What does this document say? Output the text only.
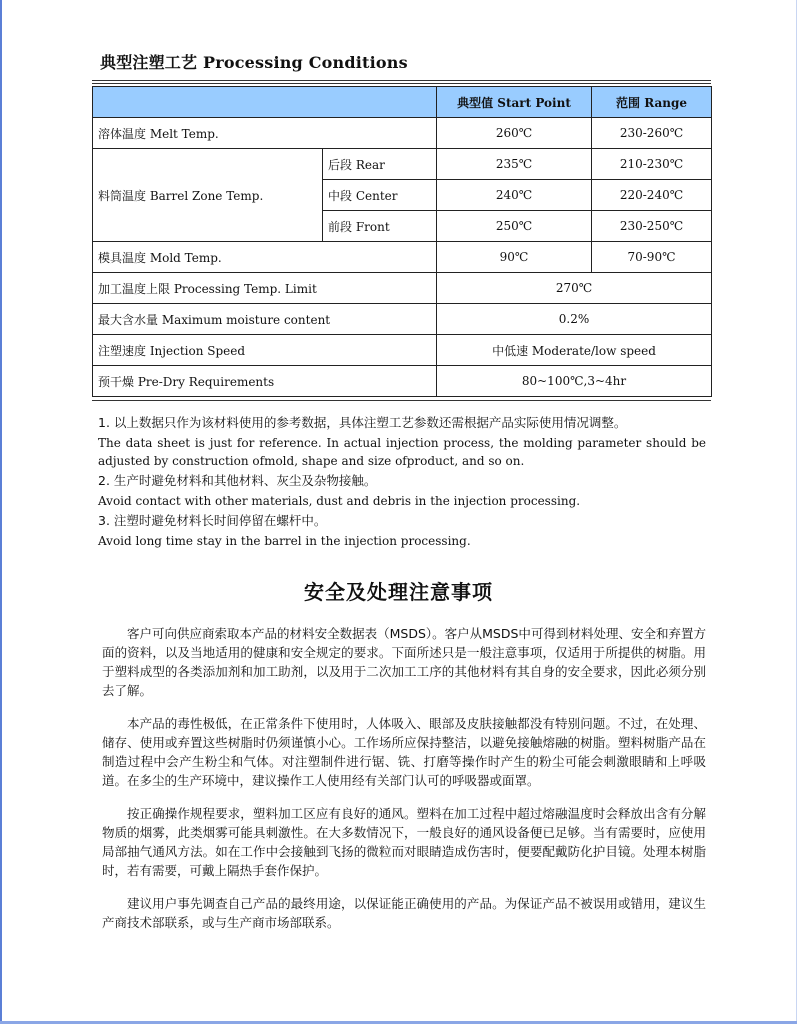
典型注塑工艺 Processing Conditions
		典型值 Start Point	范围 Range
溶体温度 Melt Temp.		260℃	230-260℃
料筒温度 Barrel Zone Temp.	后段 Rear	235℃	210-230℃
	中段 Center	240℃	220-240℃
	前段 Front	250℃	230-250℃
模具温度 Mold Temp.		90℃	70-90℃
加工温度上限 Processing Temp. Limit		270℃	
最大含水量 Maximum moisture content		0.2%	
注塑速度 Injection Speed		中低速 Moderate/low speed	
预干燥 Pre-Dry Requirements		80~100℃,3~4hr	

1. 以上数据只作为该材料使用的参考数据，具体注塑工艺参数还需根据产品实际使用情况调整。

The data sheet is just for reference. In actual injection process, the molding parameter should be adjusted by construction ofmold, shape and size ofproduct, and so on.

2. 生产时避免材料和其他材料、灰尘及杂物接触。

Avoid contact with other materials, dust and debris in the injection processing.

3. 注塑时避免材料长时间停留在螺杆中。

Avoid long time stay in the barrel in the injection processing.

安全及处理注意事项

客户可向供应商索取本产品的材料安全数据表（MSDS）。客户从MSDS中可得到材料处理、安全和弃置方面的资料，以及当地适用的健康和安全规定的要求。下面所述只是一般注意事项，仅适用于所提供的树脂。用于塑料成型的各类添加剂和加工助剂，以及用于二次加工工序的其他材料有其自身的安全要求，因此必须分别去了解。

本产品的毒性极低，在正常条件下使用时，人体吸入、眼部及皮肤接触都没有特别问题。不过，在处理、储存、使用或弃置这些树脂时仍须谨慎小心。工作场所应保持整洁，以避免接触熔融的树脂。塑料树脂产品在制造过程中会产生粉尘和气体。对注塑制件进行锯、铣、打磨等操作时产生的粉尘可能会刺激眼睛和上呼吸道。在多尘的生产环境中，建议操作工人使用经有关部门认可的呼吸器或面罩。

按正确操作规程要求，塑料加工区应有良好的通风。塑料在加工过程中超过熔融温度时会释放出含有分解物质的烟雾，此类烟雾可能具刺激性。在大多数情况下，一般良好的通风设备便已足够。当有需要时，应使用局部抽气通风方法。如在工作中会接触到飞扬的微粒而对眼睛造成伤害时，便要配戴防化护目镜。处理本树脂时，若有需要，可戴上隔热手套作保护。

建议用户事先调查自己产品的最终用途，以保证能正确使用的产品。为保证产品不被误用或错用，建议生产商技术部联系，或与生产商市场部联系。
